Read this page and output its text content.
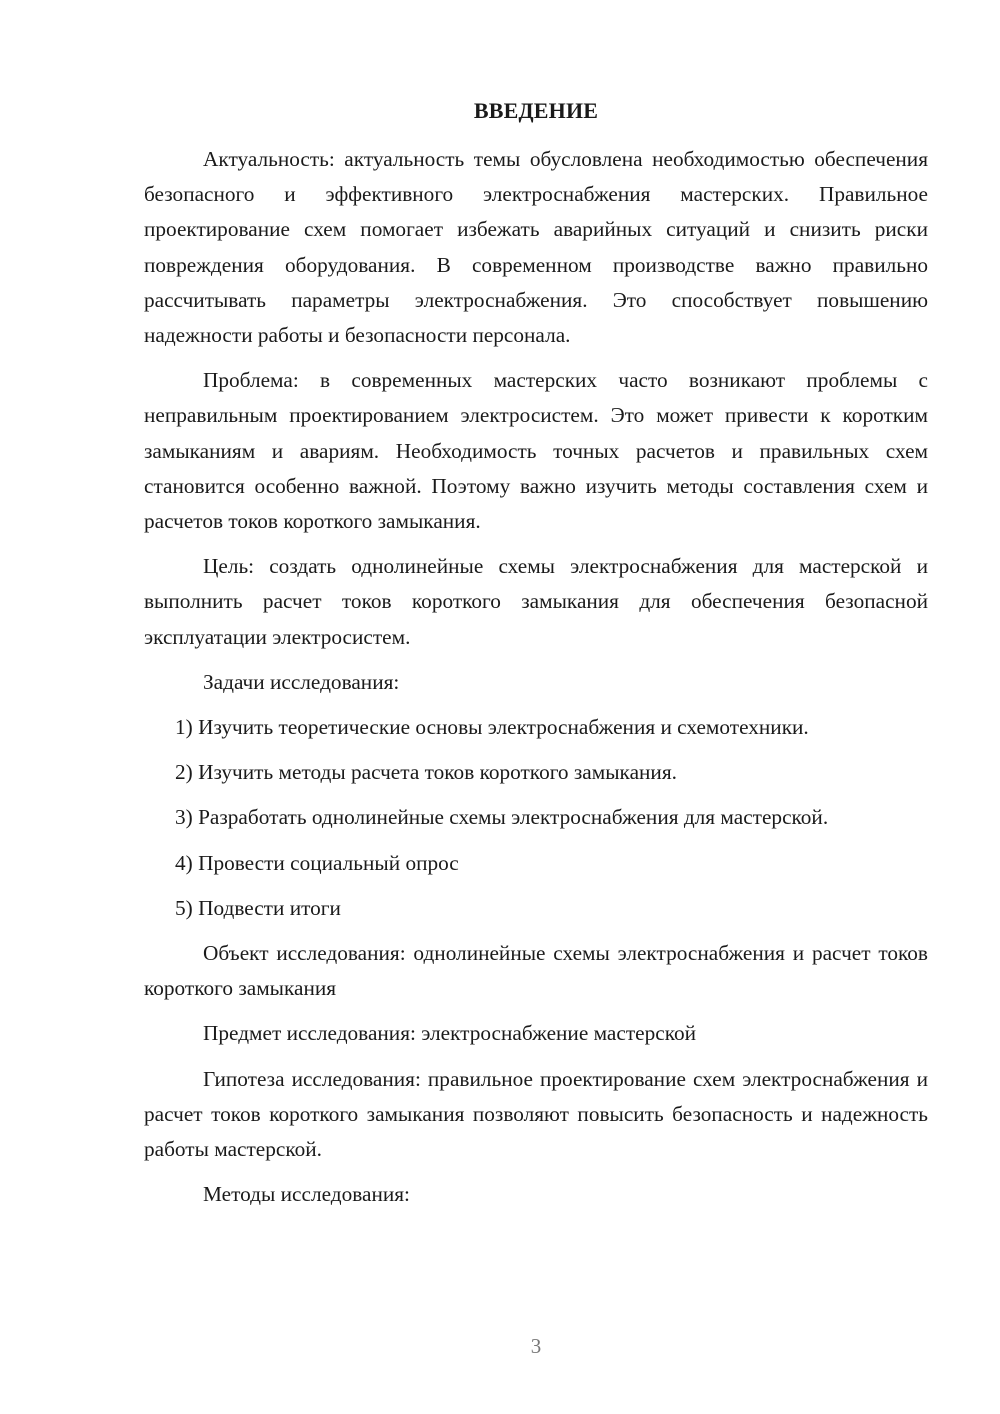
ВВЕДЕНИЕ

Актуальность: актуальность темы обусловлена необходимостью обеспечения безопасного и эффективного электроснабжения мастерских. Правильное проектирование схем помогает избежать аварийных ситуаций и снизить риски повреждения оборудования. В современном производстве важно правильно рассчитывать параметры электроснабжения. Это способствует повышению надежности работы и безопасности персонала.

Проблема: в современных мастерских часто возникают проблемы с неправильным проектированием электросистем. Это может привести к коротким замыканиям и авариям. Необходимость точных расчетов и правильных схем становится особенно важной. Поэтому важно изучить методы составления схем и расчетов токов короткого замыкания.

Цель: создать однолинейные схемы электроснабжения для мастерской и выполнить расчет токов короткого замыкания для обеспечения безопасной эксплуатации электросистем.

Задачи исследования:

1) Изучить теоретические основы электроснабжения и схемотехники.

2) Изучить методы расчета токов короткого замыкания.

3) Разработать однолинейные схемы электроснабжения для мастерской.

4) Провести социальный опрос

5) Подвести итоги

Объект исследования: однолинейные схемы электроснабжения и расчет токов короткого замыкания

Предмет исследования: электроснабжение мастерской

Гипотеза исследования: правильное проектирование схем электроснабжения и расчет токов короткого замыкания позволяют повысить безопасность и надежность работы мастерской.

Методы исследования:

3
